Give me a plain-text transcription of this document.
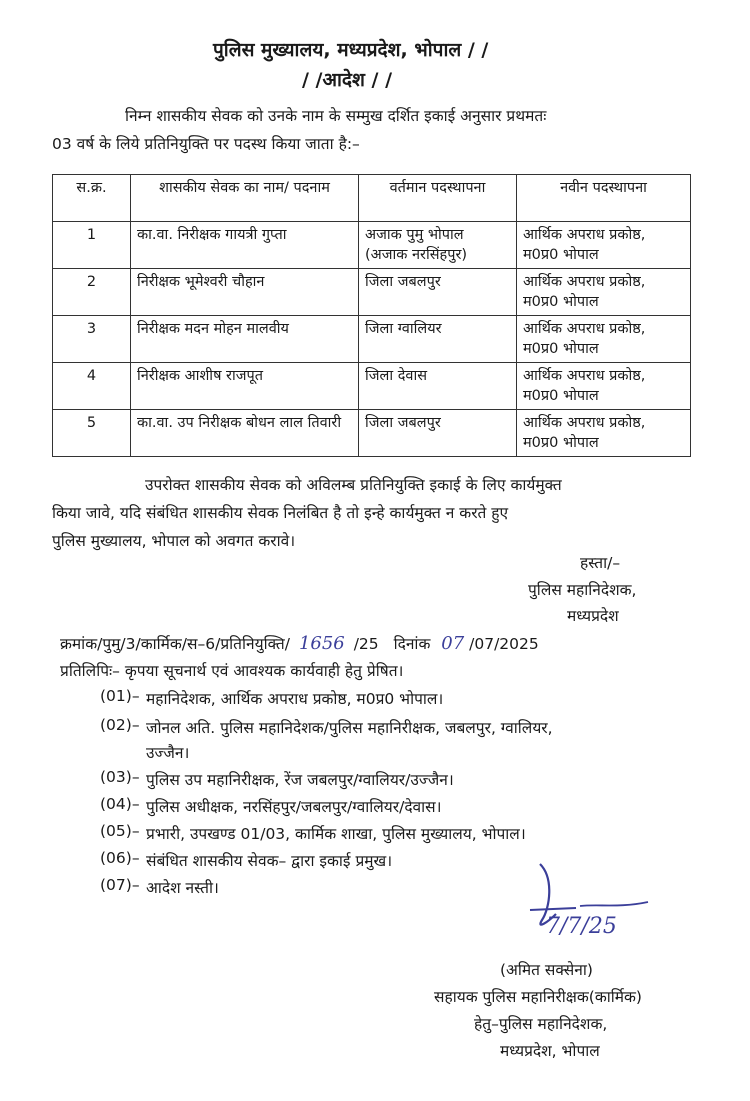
पुलिस मुख्यालय, मध्यप्रदेश, भोपाल / /
/ /आदेश / /
निम्न शासकीय सेवक को उनके नाम के सम्मुख दर्शित इकाई अनुसार प्रथमतः
03 वर्ष के लिये प्रतिनियुक्ति पर पदस्थ किया जाता है:–
स.क्र.	शासकीय सेवक का नाम/ पदनाम	वर्तमान पदस्थापना	नवीन पदस्थापना
1	का.वा. निरीक्षक गायत्री गुप्ता	अजाक पुमु भोपाल (अजाक नरसिंहपुर)	आर्थिक अपराध प्रकोष्ठ, म0प्र0 भोपाल
2	निरीक्षक भूमेश्वरी चौहान	जिला जबलपुर	आर्थिक अपराध प्रकोष्ठ, म0प्र0 भोपाल
3	निरीक्षक मदन मोहन मालवीय	जिला ग्वालियर	आर्थिक अपराध प्रकोष्ठ, म0प्र0 भोपाल
4	निरीक्षक आशीष राजपूत	जिला देवास	आर्थिक अपराध प्रकोष्ठ, म0प्र0 भोपाल
5	का.वा. उप निरीक्षक बोधन लाल तिवारी	जिला जबलपुर	आर्थिक अपराध प्रकोष्ठ, म0प्र0 भोपाल
उपरोक्त शासकीय सेवक को अविलम्ब प्रतिनियुक्ति इकाई के लिए कार्यमुक्त
किया जावे, यदि संबंधित शासकीय सेवक निलंबित है तो इन्हे कार्यमुक्त न करते हुए
पुलिस मुख्यालय, भोपाल को अवगत करावे।
हस्ता/–
पुलिस महानिदेशक,
मध्यप्रदेश
क्रमांक/पुमु/3/कार्मिक/स–6/प्रतिनियुक्ति/ 1656 /25 दिनांक 07 /07/2025
प्रतिलिपिः– कृपया सूचनार्थ एवं आवश्यक कार्यवाही हेतु प्रेषित।
(01)– महानिदेशक, आर्थिक अपराध प्रकोष्ठ, म0प्र0 भोपाल।
(02)– जोनल अति. पुलिस महानिदेशक/पुलिस महानिरीक्षक, जबलपुर, ग्वालियर,
उज्जैन।
(03)– पुलिस उप महानिरीक्षक, रेंज जबलपुर/ग्वालियर/उज्जैन।
(04)– पुलिस अधीक्षक, नरसिंहपुर/जबलपुर/ग्वालियर/देवास।
(05)– प्रभारी, उपखण्ड 01/03, कार्मिक शाखा, पुलिस मुख्यालय, भोपाल।
(06)– संबंधित शासकीय सेवक– द्वारा इकाई प्रमुख।
(07)– आदेश नस्ती।
7/7/25
(अमित सक्सेना)
सहायक पुलिस महानिरीक्षक(कार्मिक)
हेतु–पुलिस महानिदेशक,
मध्यप्रदेश, भोपाल
